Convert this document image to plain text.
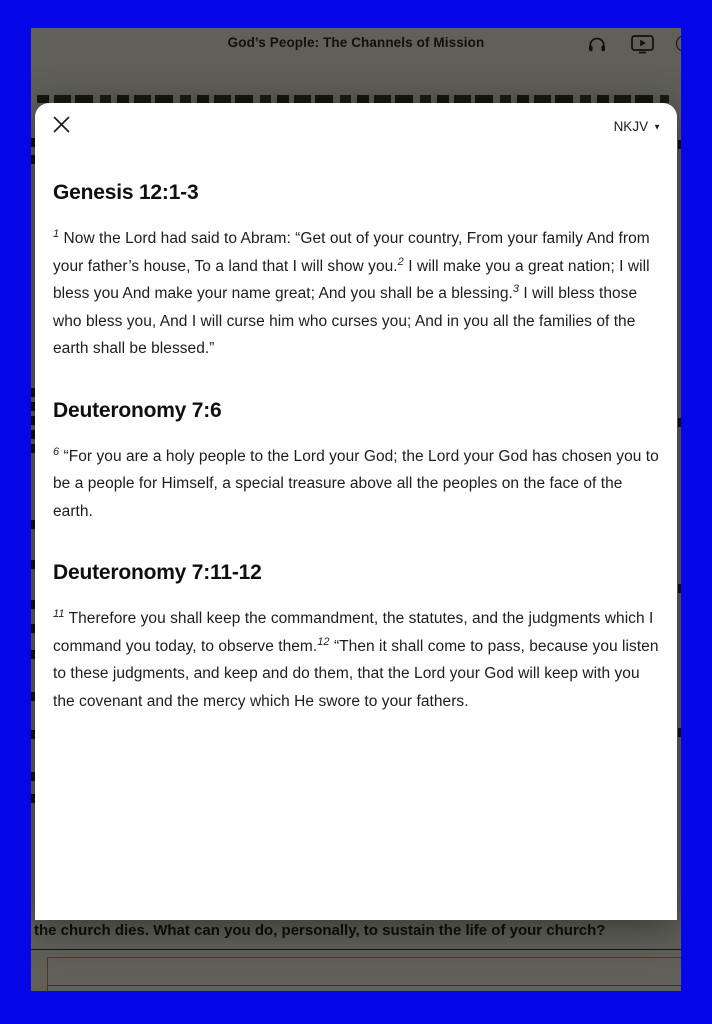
NKJV ▼
Genesis 12:1-3

$^1$ Now the Lord had said to Abram: “Get out of your country, From your family And from your father’s house, To a land that I will show you.$^2$ I will make you a great nation; I will bless you And make your name great; And you shall be a blessing.$^3$ I will bless those who bless you, And I will curse him who curses you; And in you all the families of the earth shall be blessed.”

Deuteronomy 7:6

$^6$ “For you are a holy people to the Lord your God; the Lord your God has chosen you to be a people for Himself, a special treasure above all the peoples on the face of the earth.

Deuteronomy 7:11-12

$^{11}$ Therefore you shall keep the commandment, the statutes, and the judgments which I command you today, to observe them.$^{12}$ “Then it shall come to pass, because you listen to these judgments, and keep and do them, that the Lord your God will keep with you the covenant and the mercy which He swore to your fathers.
